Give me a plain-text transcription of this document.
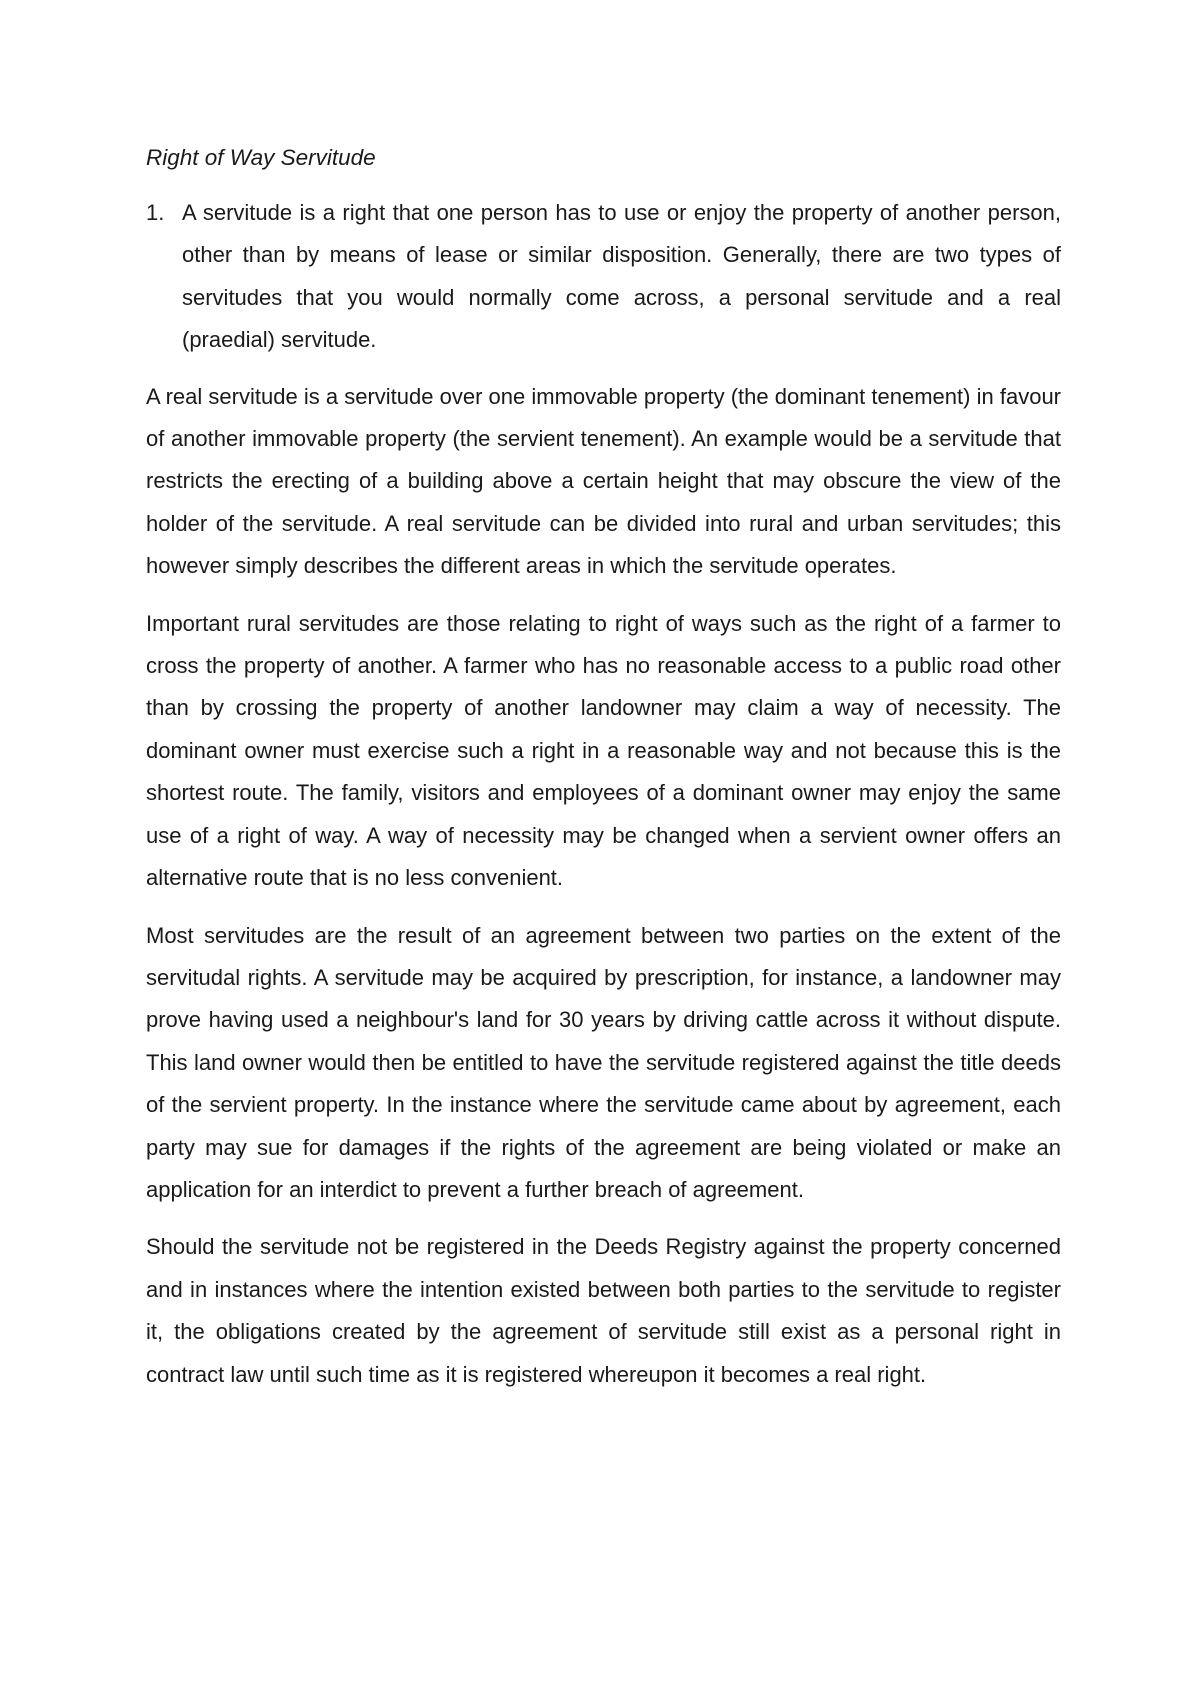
Right of Way Servitude
1. A servitude is a right that one person has to use or enjoy the property of another person, other than by means of lease or similar disposition. Generally, there are two types of servitudes that you would normally come across, a personal servitude and a real (praedial) servitude.

A real servitude is a servitude over one immovable property (the dominant tenement) in favour of another immovable property (the servient tenement). An example would be a servitude that restricts the erecting of a building above a certain height that may obscure the view of the holder of the servitude. A real servitude can be divided into rural and urban servitudes; this however simply describes the different areas in which the servitude operates.

Important rural servitudes are those relating to right of ways such as the right of a farmer to cross the property of another. A farmer who has no reasonable access to a public road other than by crossing the property of another landowner may claim a way of necessity. The dominant owner must exercise such a right in a reasonable way and not because this is the shortest route. The family, visitors and employees of a dominant owner may enjoy the same use of a right of way. A way of necessity may be changed when a servient owner offers an alternative route that is no less convenient.

Most servitudes are the result of an agreement between two parties on the extent of the servitudal rights. A servitude may be acquired by prescription, for instance, a landowner may prove having used a neighbour's land for 30 years by driving cattle across it without dispute. This land owner would then be entitled to have the servitude registered against the title deeds of the servient property. In the instance where the servitude came about by agreement, each party may sue for damages if the rights of the agreement are being violated or make an application for an interdict to prevent a further breach of agreement.

Should the servitude not be registered in the Deeds Registry against the property concerned and in instances where the intention existed between both parties to the servitude to register it, the obligations created by the agreement of servitude still exist as a personal right in contract law until such time as it is registered whereupon it becomes a real right.
